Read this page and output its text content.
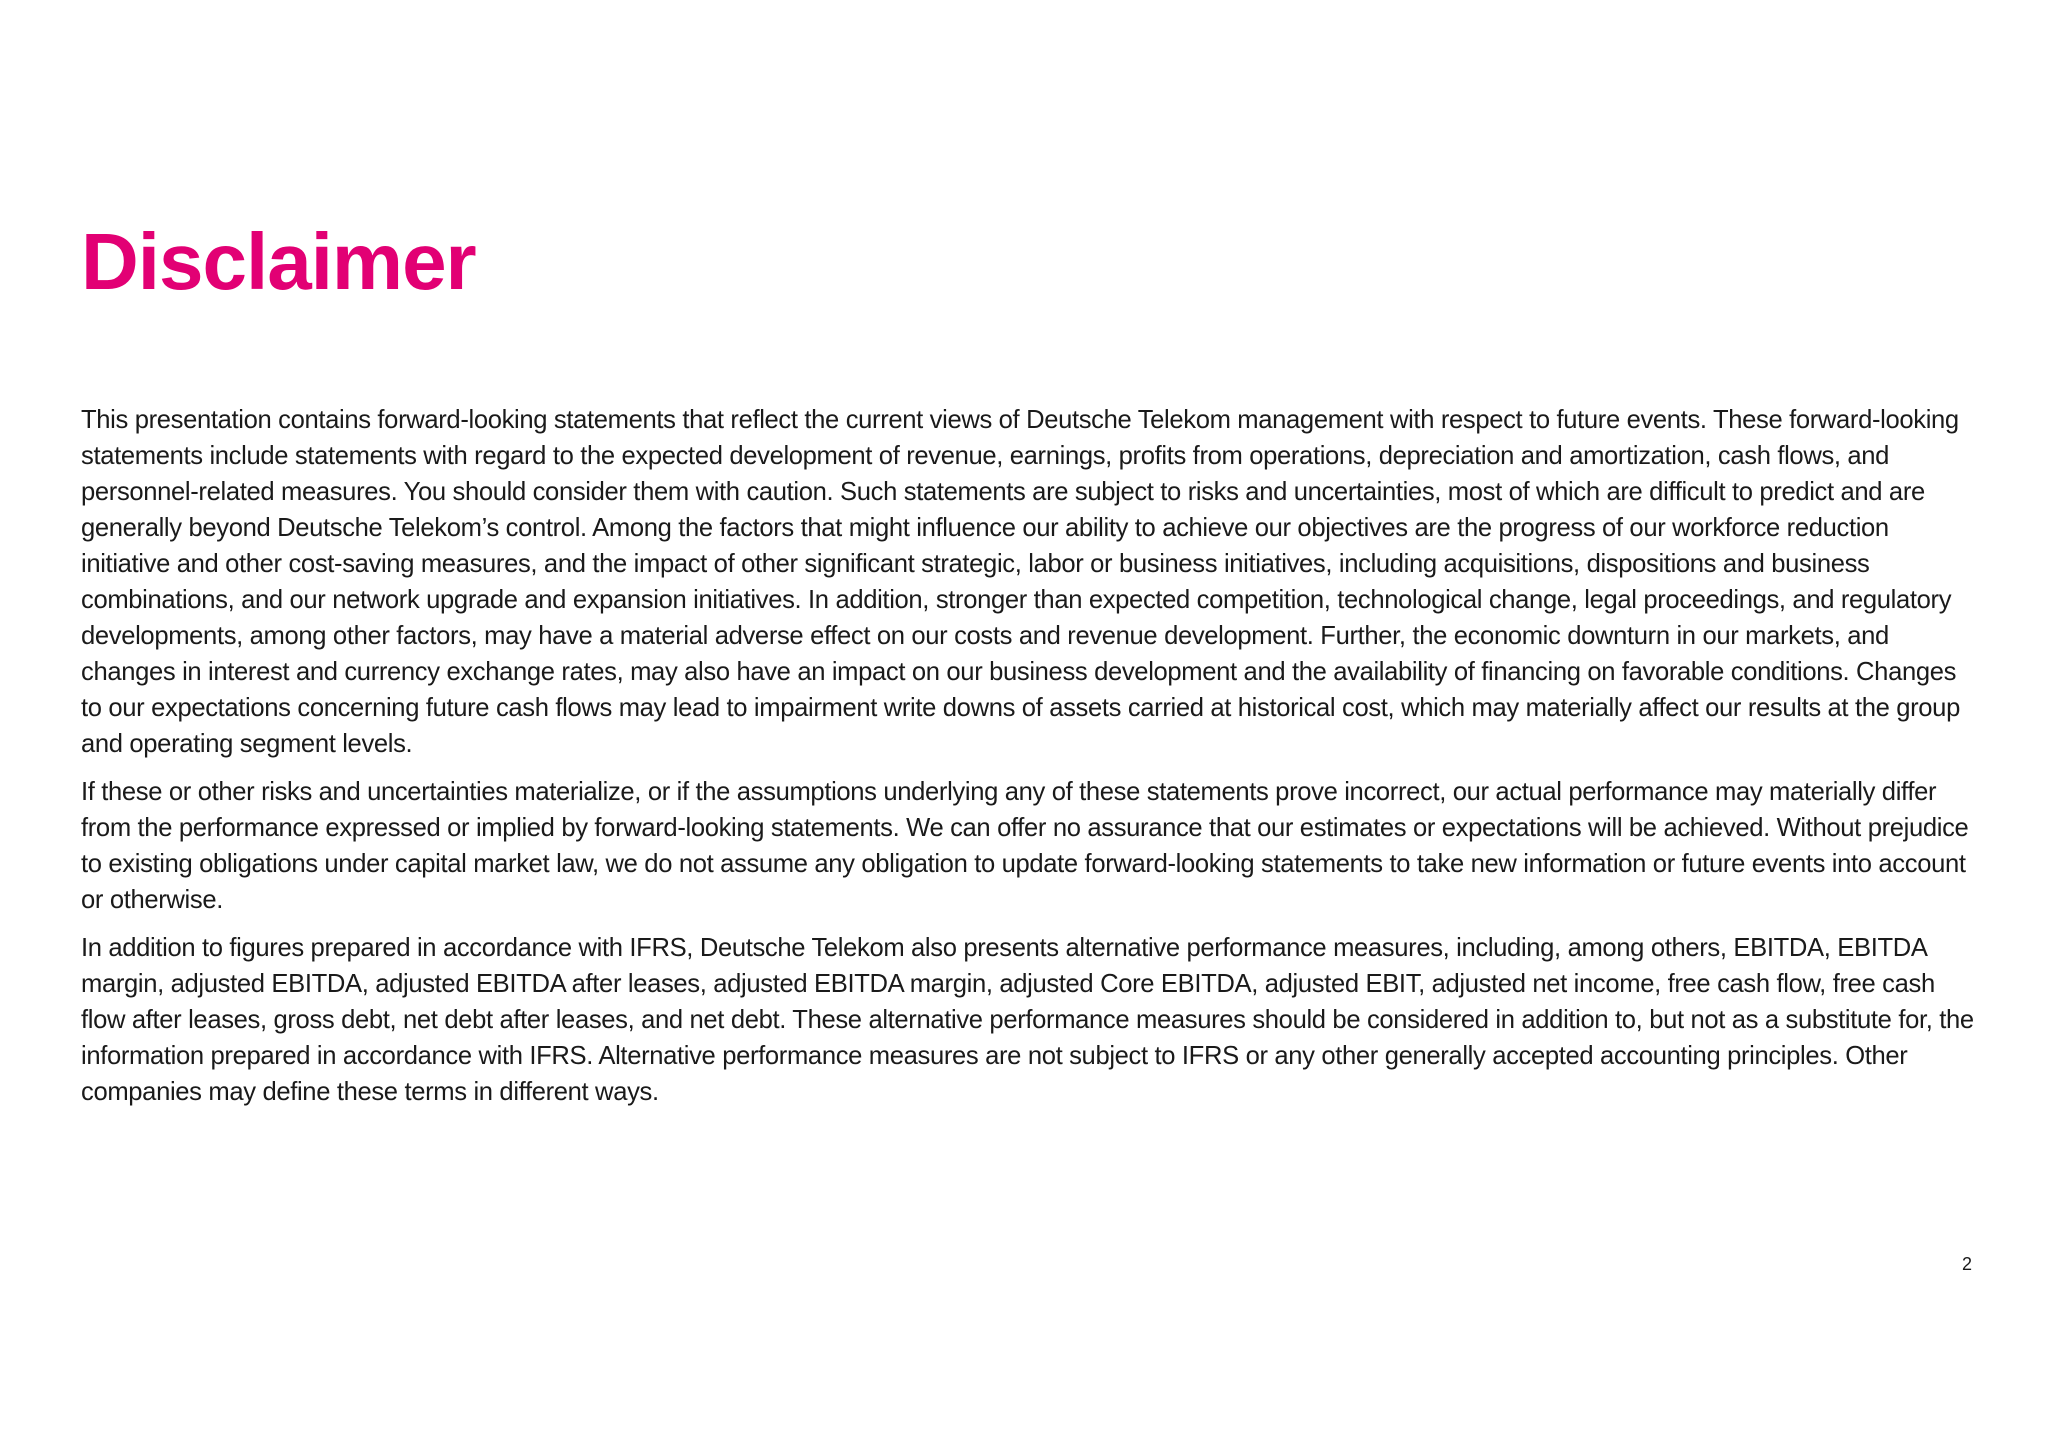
Disclaimer

This presentation contains forward-looking statements that reflect the current views of Deutsche Telekom management with respect to future events. These forward-looking statements include statements with regard to the expected development of revenue, earnings, profits from operations, depreciation and amortization, cash flows, and personnel-related measures. You should consider them with caution. Such statements are subject to risks and uncertainties, most of which are difficult to predict and are generally beyond Deutsche Telekom’s control. Among the factors that might influence our ability to achieve our objectives are the progress of our workforce reduction initiative and other cost-saving measures, and the impact of other significant strategic, labor or business initiatives, including acquisitions, dispositions and business combinations, and our network upgrade and expansion initiatives. In addition, stronger than expected competition, technological change, legal proceedings, and regulatory developments, among other factors, may have a material adverse effect on our costs and revenue development. Further, the economic downturn in our markets, and changes in interest and currency exchange rates, may also have an impact on our business development and the availability of financing on favorable conditions. Changes to our expectations concerning future cash flows may lead to impairment write downs of assets carried at historical cost, which may materially affect our results at the group and operating segment levels.

If these or other risks and uncertainties materialize, or if the assumptions underlying any of these statements prove incorrect, our actual performance may materially differ from the performance expressed or implied by forward-looking statements. We can offer no assurance that our estimates or expectations will be achieved. Without prejudice to existing obligations under capital market law, we do not assume any obligation to update forward-looking statements to take new information or future events into account or otherwise.

In addition to figures prepared in accordance with IFRS, Deutsche Telekom also presents alternative performance measures, including, among others, EBITDA, EBITDA margin, adjusted EBITDA, adjusted EBITDA after leases, adjusted EBITDA margin, adjusted Core EBITDA, adjusted EBIT, adjusted net income, free cash flow, free cash flow after leases, gross debt, net debt after leases, and net debt. These alternative performance measures should be considered in addition to, but not as a substitute for, the information prepared in accordance with IFRS. Alternative performance measures are not subject to IFRS or any other generally accepted accounting principles. Other companies may define these terms in different ways.

2
